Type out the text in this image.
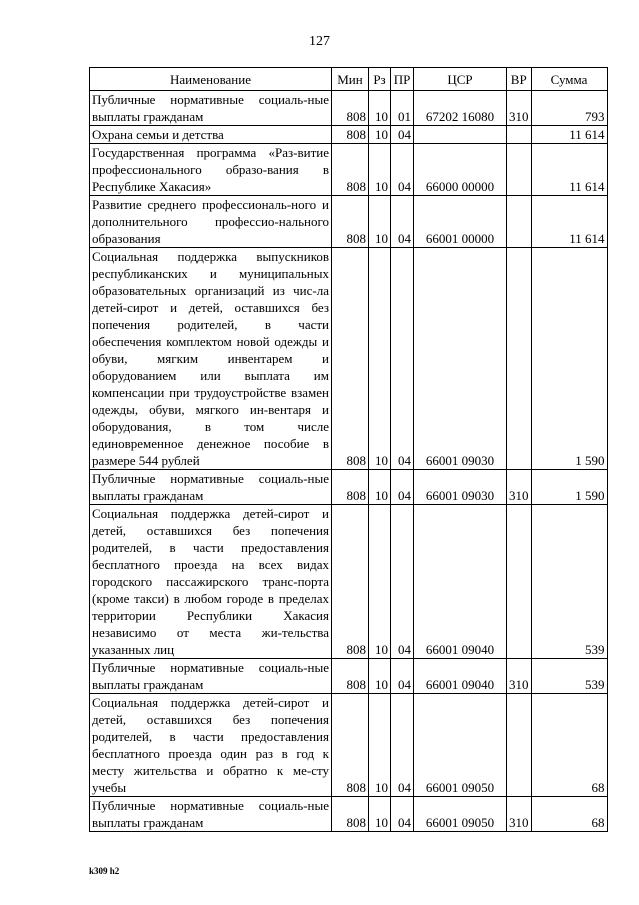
127
Наименование	Мин	Рз	ПР	ЦСР	ВР	Сумма
Публичные нормативные социаль-ные выплаты гражданам	808	10	01	67202 16080	310	793
Охрана семьи и детства	808	10	04			11 614
Государственная программа «Раз-витие профессионального образо-вания в Республике Хакасия»	808	10	04	66000 00000		11 614
Развитие среднего профессиональ-ного и дополнительного профессио-нального образования	808	10	04	66001 00000		11 614
Социальная поддержка выпускников республиканских и муниципальных образовательных организаций из чис-ла детей-сирот и детей, оставшихся без попечения родителей, в части обеспечения комплектом новой одежды и обуви, мягким инвентарем и оборудованием или выплата им компенсации при трудоустройстве взамен одежды, обуви, мягкого ин-вентаря и оборудования, в том числе единовременное денежное пособие в размере 544 рублей	808	10	04	66001 09030		1 590
Публичные нормативные социаль-ные выплаты гражданам	808	10	04	66001 09030	310	1 590
Социальная поддержка детей-сирот и детей, оставшихся без попечения родителей, в части предоставления бесплатного проезда на всех видах городского пассажирского транс-порта (кроме такси) в любом городе в пределах территории Республики Хакасия независимо от места жи-тельства указанных лиц	808	10	04	66001 09040		539
Публичные нормативные социаль-ные выплаты гражданам	808	10	04	66001 09040	310	539
Социальная поддержка детей-сирот и детей, оставшихся без попечения родителей, в части предоставления бесплатного проезда один раз в год к месту жительства и обратно к ме-сту учебы	808	10	04	66001 09050		68
Публичные нормативные социаль-ные выплаты гражданам	808	10	04	66001 09050	310	68
k309 h2
